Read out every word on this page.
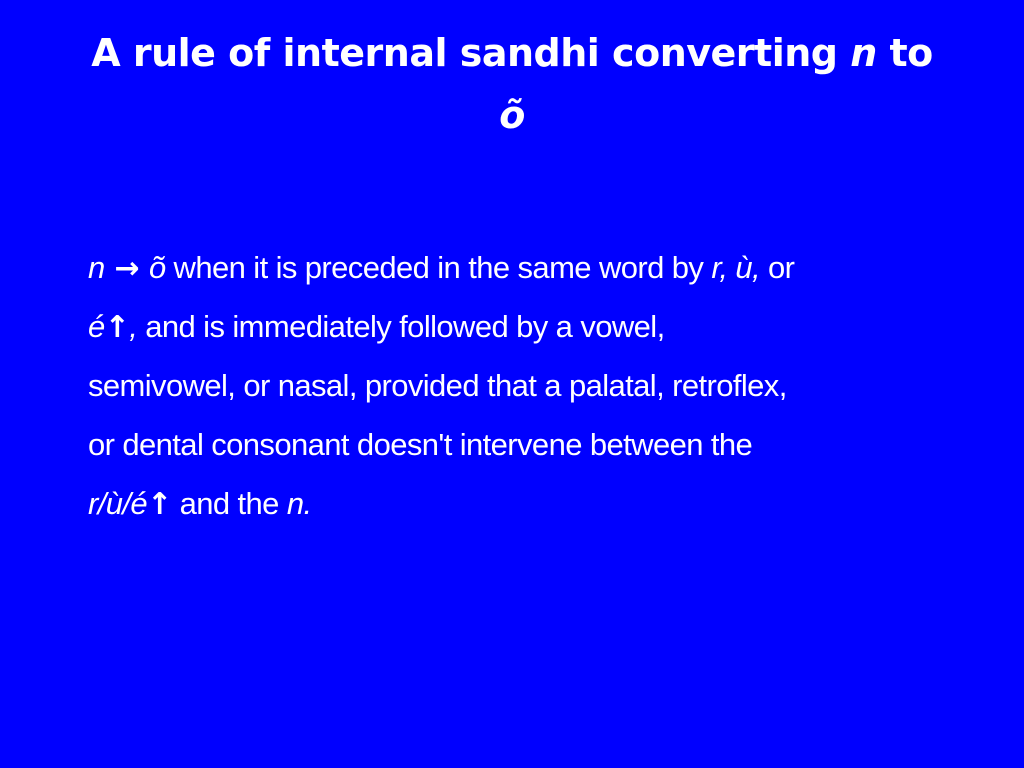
A rule of internal sandhi converting n to
õ
n → õ when it is preceded in the same word by r, ù, or
é↑, and is immediately followed by a vowel,
semivowel, or nasal, provided that a palatal, retroflex,
or dental consonant doesn't intervene between the
r/ù/é↑ and the n.
